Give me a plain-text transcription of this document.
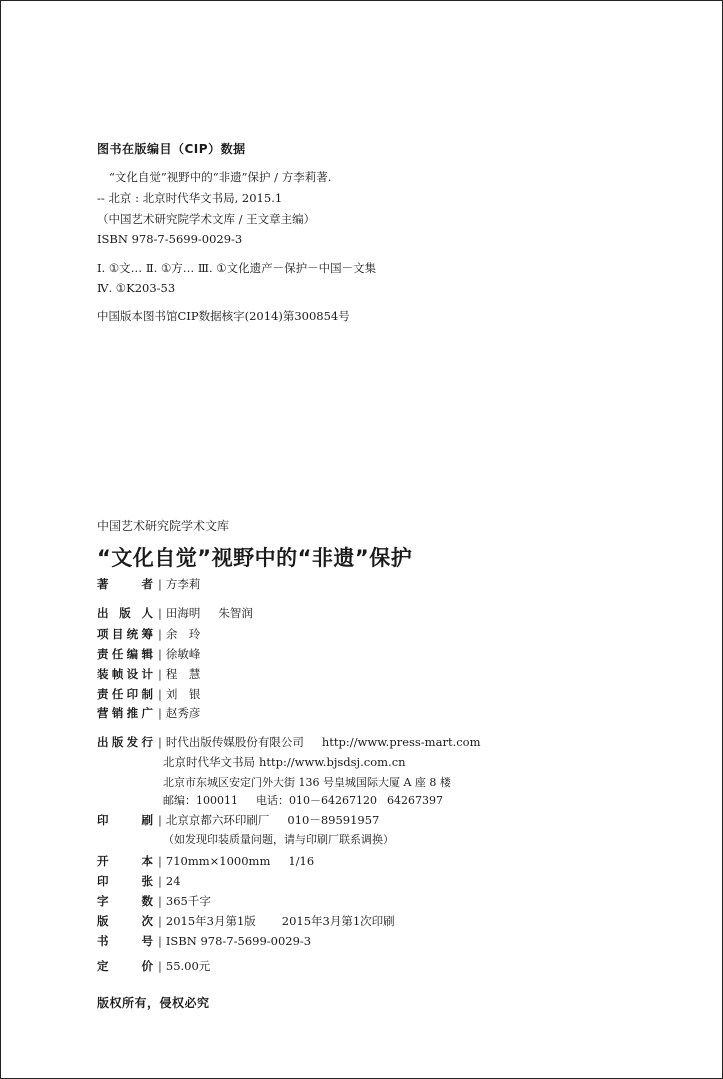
图书在版编目（CIP）数据
“文化自觉”视野中的“非遗”保护 / 方李莉著.
-- 北京 : 北京时代华文书局, 2015.1
（中国艺术研究院学术文库 / 王文章主编）
ISBN 978-7-5699-0029-3
Ⅰ. ①文… Ⅱ. ①方… Ⅲ. ①文化遗产－保护－中国－文集
Ⅳ. ①K203-53
中国版本图书馆CIP数据核字(2014)第300854号
中国艺术研究院学术文库
“文化自觉”视野中的“非遗”保护
著者 | 方李莉
出版人 | 田海明 朱智润
项目统筹 | 余　玲
责任编辑 | 徐敏峰
装帧设计 | 程　慧
责任印制 | 刘　银
营销推广 | 赵秀彦
出版发行 | 时代出版传媒股份有限公司 http://www.press-mart.com
北京时代华文书局 http://www.bjsdsj.com.cn
北京市东城区安定门外大街 136 号皇城国际大厦 A 座 8 楼
邮编：100011 电话：010－64267120 64267397
印刷 | 北京京都六环印刷厂 010－89591957
（如发现印装质量问题，请与印刷厂联系调换）
开本 | 710mm×1000mm 1/16
印张 | 24
字数 | 365千字
版次 | 2015年3月第1版 2015年3月第1次印刷
书号 | ISBN 978-7-5699-0029-3
定价 | 55.00元
版权所有，侵权必究
